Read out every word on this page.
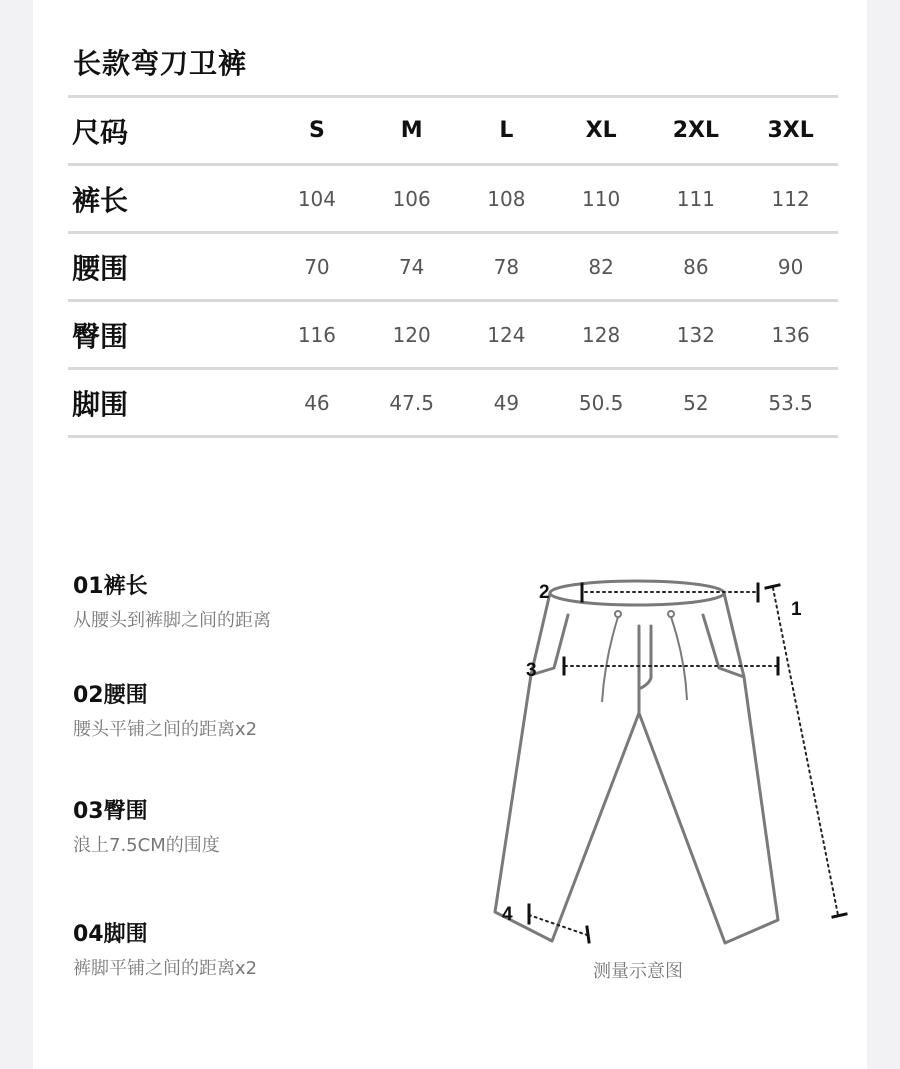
长款弯刀卫裤
尺码	S	M	L	XL	2XL	3XL
裤长	104	106	108	110	111	112
腰围	70	74	78	82	86	90
臀围	116	120	124	128	132	136
脚围	46	47.5	49	50.5	52	53.5
01裤长
从腰头到裤脚之间的距离
02腰围
腰头平铺之间的距离x2
03臀围
浪上7.5CM的围度
04脚围
裤脚平铺之间的距离x2
1
2
3
4
测量示意图
